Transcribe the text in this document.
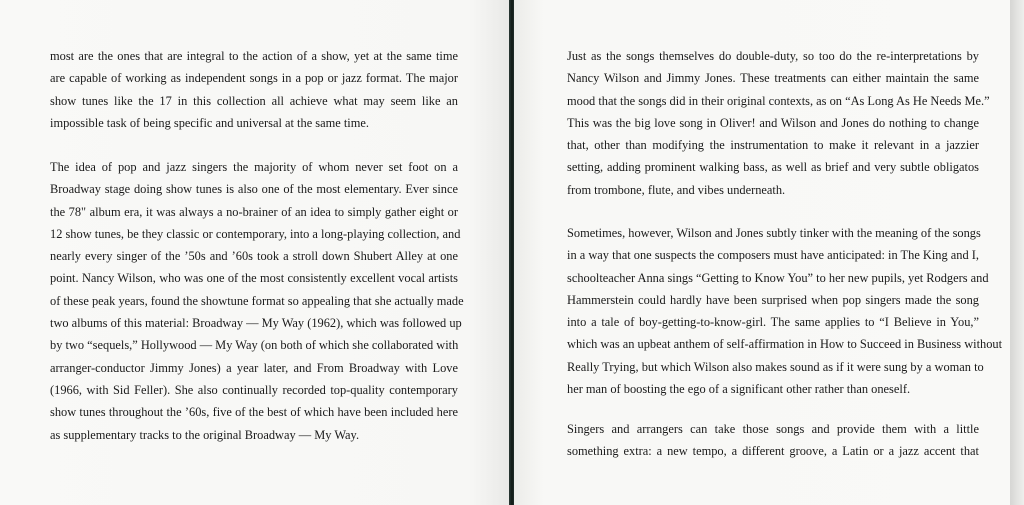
most are the ones that are integral to the action of a show, yet at the same time
are capable of working as independent songs in a pop or jazz format. The major
show tunes like the 17 in this collection all achieve what may seem like an
impossible task of being specific and universal at the same time.

The idea of pop and jazz singers the majority of whom never set foot on a
Broadway stage doing show tunes is also one of the most elementary. Ever since
the 78" album era, it was always a no-brainer of an idea to simply gather eight or
12 show tunes, be they classic or contemporary, into a long-playing collection, and
nearly every singer of the ’50s and ’60s took a stroll down Shubert Alley at one
point. Nancy Wilson, who was one of the most consistently excellent vocal artists
of these peak years, found the showtune format so appealing that she actually made
two albums of this material: Broadway — My Way (1962), which was followed up
by two “sequels,” Hollywood — My Way (on both of which she collaborated with
arranger-conductor Jimmy Jones) a year later, and From Broadway with Love
(1966, with Sid Feller). She also continually recorded top-quality contemporary
show tunes throughout the ’60s, five of the best of which have been included here
as supplementary tracks to the original Broadway — My Way.

Just as the songs themselves do double-duty, so too do the re-interpretations by
Nancy Wilson and Jimmy Jones. These treatments can either maintain the same
mood that the songs did in their original contexts, as on “As Long As He Needs Me.”
This was the big love song in Oliver! and Wilson and Jones do nothing to change
that, other than modifying the instrumentation to make it relevant in a jazzier
setting, adding prominent walking bass, as well as brief and very subtle obligatos
from trombone, flute, and vibes underneath.

Sometimes, however, Wilson and Jones subtly tinker with the meaning of the songs
in a way that one suspects the composers must have anticipated: in The King and I,
schoolteacher Anna sings “Getting to Know You” to her new pupils, yet Rodgers and
Hammerstein could hardly have been surprised when pop singers made the song
into a tale of boy-getting-to-know-girl. The same applies to “I Believe in You,”
which was an upbeat anthem of self-affirmation in How to Succeed in Business without
Really Trying, but which Wilson also makes sound as if it were sung by a woman to
her man of boosting the ego of a significant other rather than oneself.

Singers and arrangers can take those songs and provide them with a little
something extra: a new tempo, a different groove, a Latin or a jazz accent that
